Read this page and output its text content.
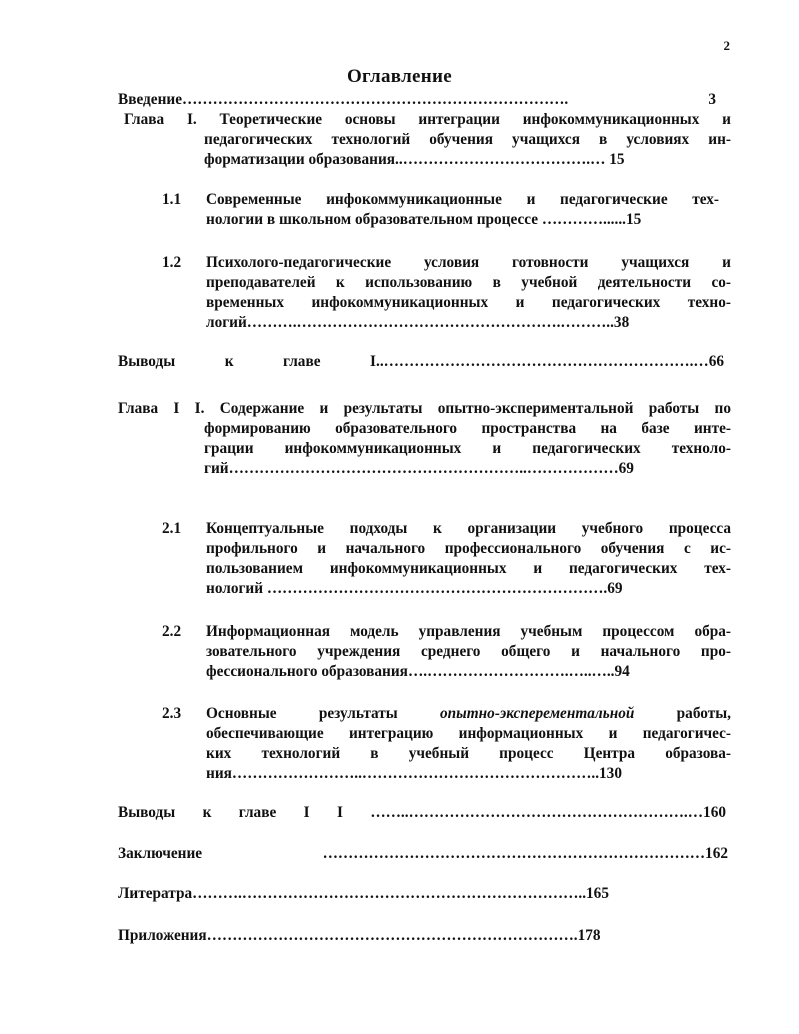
2
Оглавление
Введение…………………………………………………………………. 3
Глава I. Теоретические основы интеграции инфокоммуникационных и
педагогических технологий обучения учащихся в условиях ин-
форматизации образования..……………………………….… 15
1.1 Современные инфокоммуникационные и педагогические тех-
нологии в школьном образовательном процессе …………......15
1.2 Психолого-педагогические условия готовности учащихся и
преподавателей к использованию в учебной деятельности со-
временных инфокоммуникационных и педагогических техно-
логий……….…………………………………………….………..38
Выводы к главе I..…………………………………………………….…66
Глава I I. Содержание и результаты опытно-экспериментальной работы по
формированию образовательного пространства на базе инте-
грации инфокоммуникационных и педагогических техноло-
гий…………………………………………………..………………69
2.1 Концептуальные подходы к организации учебного процесса
профильного и начального профессионального обучения с ис-
пользованием инфокоммуникационных и педагогических тех-
нологий ………………………………………………………….69
2.2 Информационная модель управления учебным процессом обра-
зовательного учреждения среднего общего и начального про-
фессионального образования….……………………….…..…..94
2.3 Основные результаты опытно-эксперементальной работы,
обеспечивающие интеграцию информационных и педагогичес-
ких технологий в учебный процесс Центра образова-
ния……………………..………………………………………..130
Выводы к главе I I ……..……………………………………………….…160
Заключение …………………………………………………………………162
Литератра……….…………………………………………………………..165
Приложения……………………………………………………………….178
